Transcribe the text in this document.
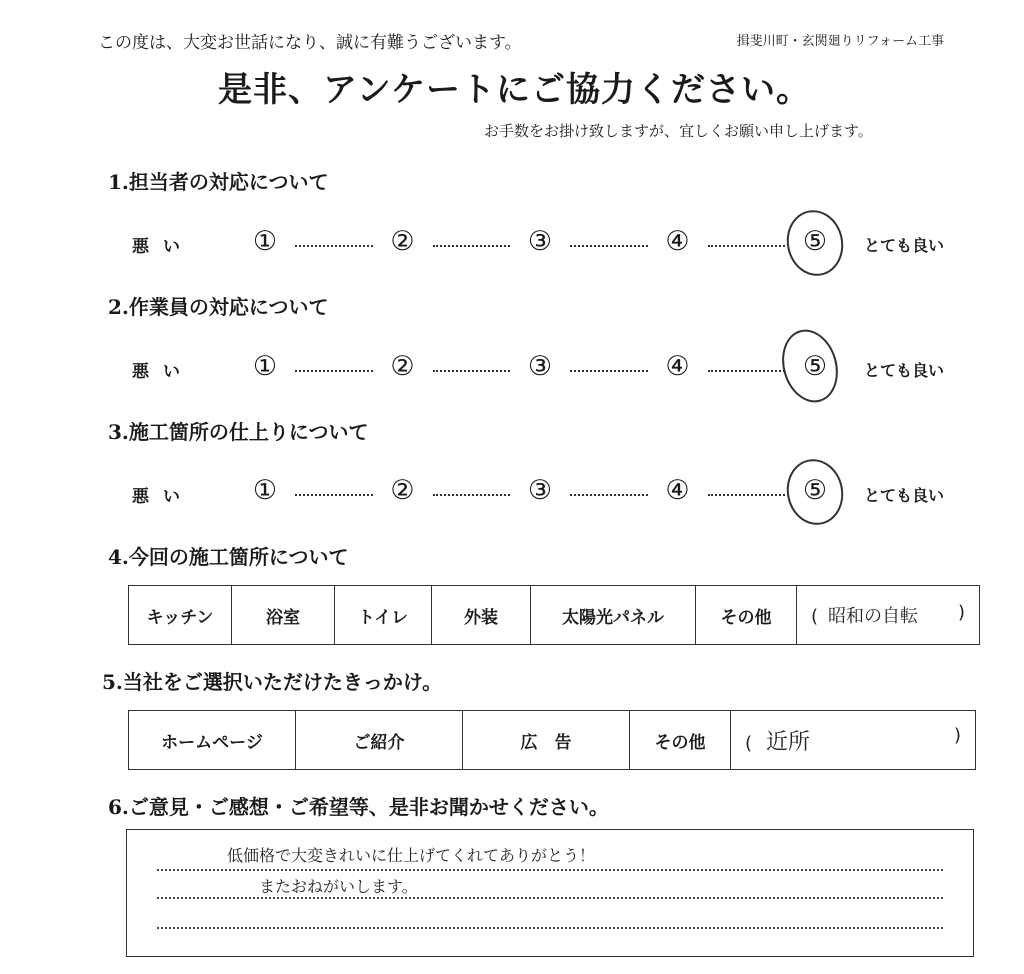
この度は、大変お世話になり、誠に有難うございます。	揖斐川町・玄関廻りリフォーム工事
是非、アンケートにご協力ください。
お手数をお掛け致しますが、宜しくお願い申し上げます。
1.担当者の対応について
悪い ①	②	③	④	⑤	とても良い
2.作業員の対応について
悪い ①	②	③	④	⑤	とても良い
3.施工箇所の仕上りについて
悪い ①	②	③	④	⑤	とても良い
4.今回の施工箇所について
キッチン	浴室	トイレ	外装	太陽光パネル	その他	( 昭和の自転 )
5.当社をご選択いただけたきっかけ。
ホームページ	ご紹介	広　告	その他	( 近所	)
6.ご意見・ご感想・ご希望等、是非お聞かせください。
低価格で大変きれいに仕上げてくれてありがとう！
またおねがいします。
